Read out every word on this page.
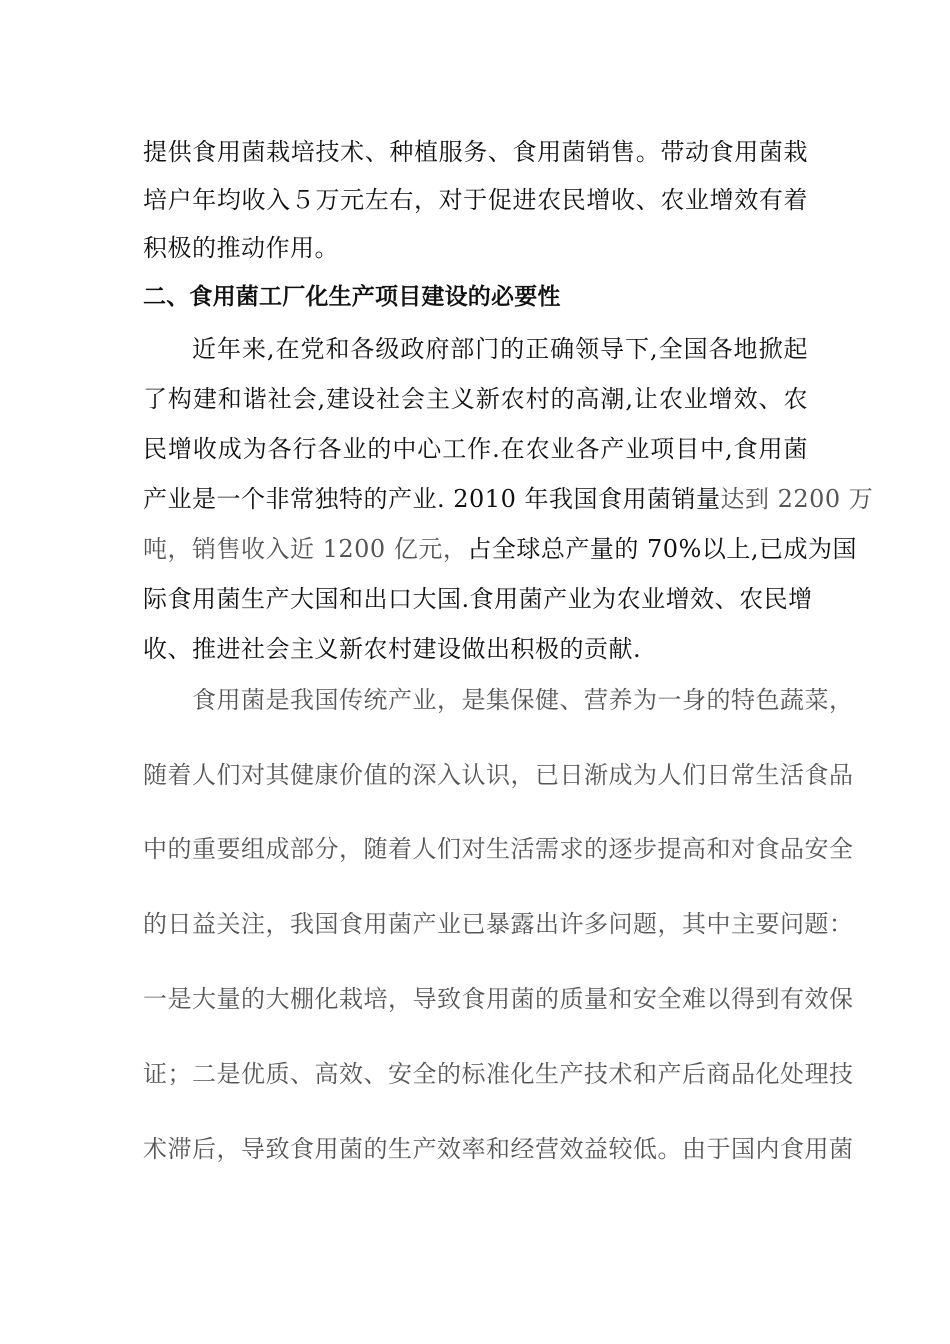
提供食用菌栽培技术、种植服务、食用菌销售。带动食用菌栽
培户年均收入５万元左右，对于促进农民增收、农业增效有着
积极的推动作用。
二、食用菌工厂化生产项目建设的必要性
近年来,在党和各级政府部门的正确领导下,全国各地掀起
了构建和谐社会,建设社会主义新农村的高潮,让农业增效、农
民增收成为各行各业的中心工作.在农业各产业项目中,食用菌
产业是一个非常独特的产业. 2010 年我国食用菌销量达到 2200 万
吨，销售收入近 1200 亿元，占全球总产量的 70%以上,已成为国
际食用菌生产大国和出口大国.食用菌产业为农业增效、农民增
收、推进社会主义新农村建设做出积极的贡献.
食用菌是我国传统产业，是集保健、营养为一身的特色蔬菜，
随着人们对其健康价值的深入认识，已日渐成为人们日常生活食品
中的重要组成部分，随着人们对生活需求的逐步提高和对食品安全
的日益关注，我国食用菌产业已暴露出许多问题，其中主要问题：
一是大量的大棚化栽培，导致食用菌的质量和安全难以得到有效保
证；二是优质、高效、安全的标准化生产技术和产后商品化处理技
术滞后，导致食用菌的生产效率和经营效益较低。由于国内食用菌
